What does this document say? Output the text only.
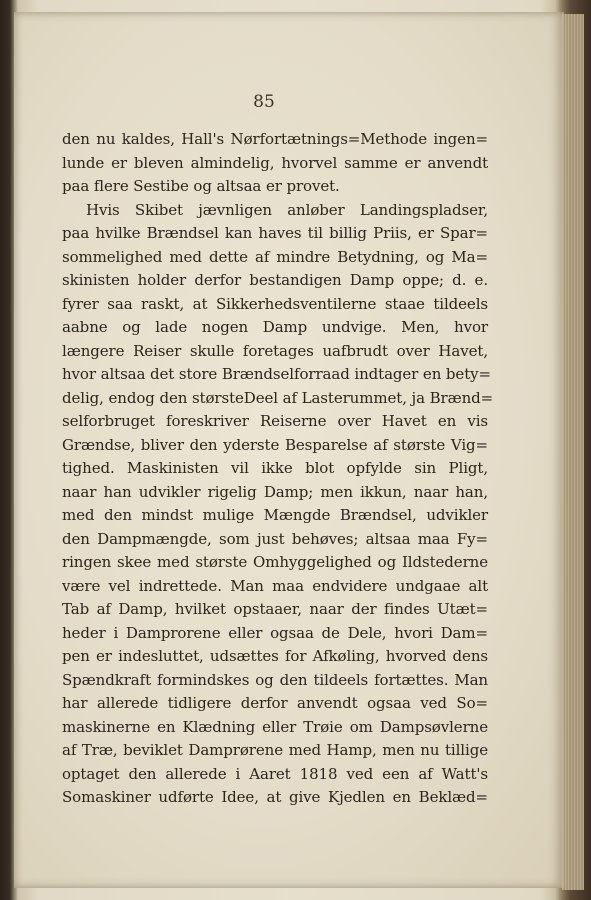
85
den nu kaldes, Hall's Nørfortætnings=Methode ingen=
lunde er bleven almindelig, hvorvel samme er anvendt
paa flere Sestibe og altsaa er provet.
Hvis Skibet jævnligen anløber Landingspladser,
paa hvilke Brændsel kan haves til billig Priis, er Spar=
sommelighed med dette af mindre Betydning, og Ma=
skinisten holder derfor bestandigen Damp oppe; d. e.
fyrer saa raskt, at Sikkerhedsventilerne staae tildeels
aabne og lade nogen Damp undvige. Men, hvor
længere Reiser skulle foretages uafbrudt over Havet,
hvor altsaa det store Brændselforraad indtager en bety=
delig, endog den størsteDeel af Lasterummet, ja Brænd=
selforbruget foreskriver Reiserne over Havet en vis
Grændse, bliver den yderste Besparelse af største Vig=
tighed. Maskinisten vil ikke blot opfylde sin Pligt,
naar han udvikler rigelig Damp; men ikkun, naar han,
med den mindst mulige Mængde Brændsel, udvikler
den Dampmængde, som just behøves; altsaa maa Fy=
ringen skee med største Omhyggelighed og Ildstederne
være vel indrettede. Man maa endvidere undgaae alt
Tab af Damp, hvilket opstaaer, naar der findes Utæt=
heder i Damprorene eller ogsaa de Dele, hvori Dam=
pen er indesluttet, udsættes for Afkøling, hvorved dens
Spændkraft formindskes og den tildeels fortættes. Man
har allerede tidligere derfor anvendt ogsaa ved So=
maskinerne en Klædning eller Trøie om Dampsøvlerne
af Træ, beviklet Damprørene med Hamp, men nu tillige
optaget den allerede i Aaret 1818 ved een af Watt's
Somaskiner udførte Idee, at give Kjedlen en Beklæd=
